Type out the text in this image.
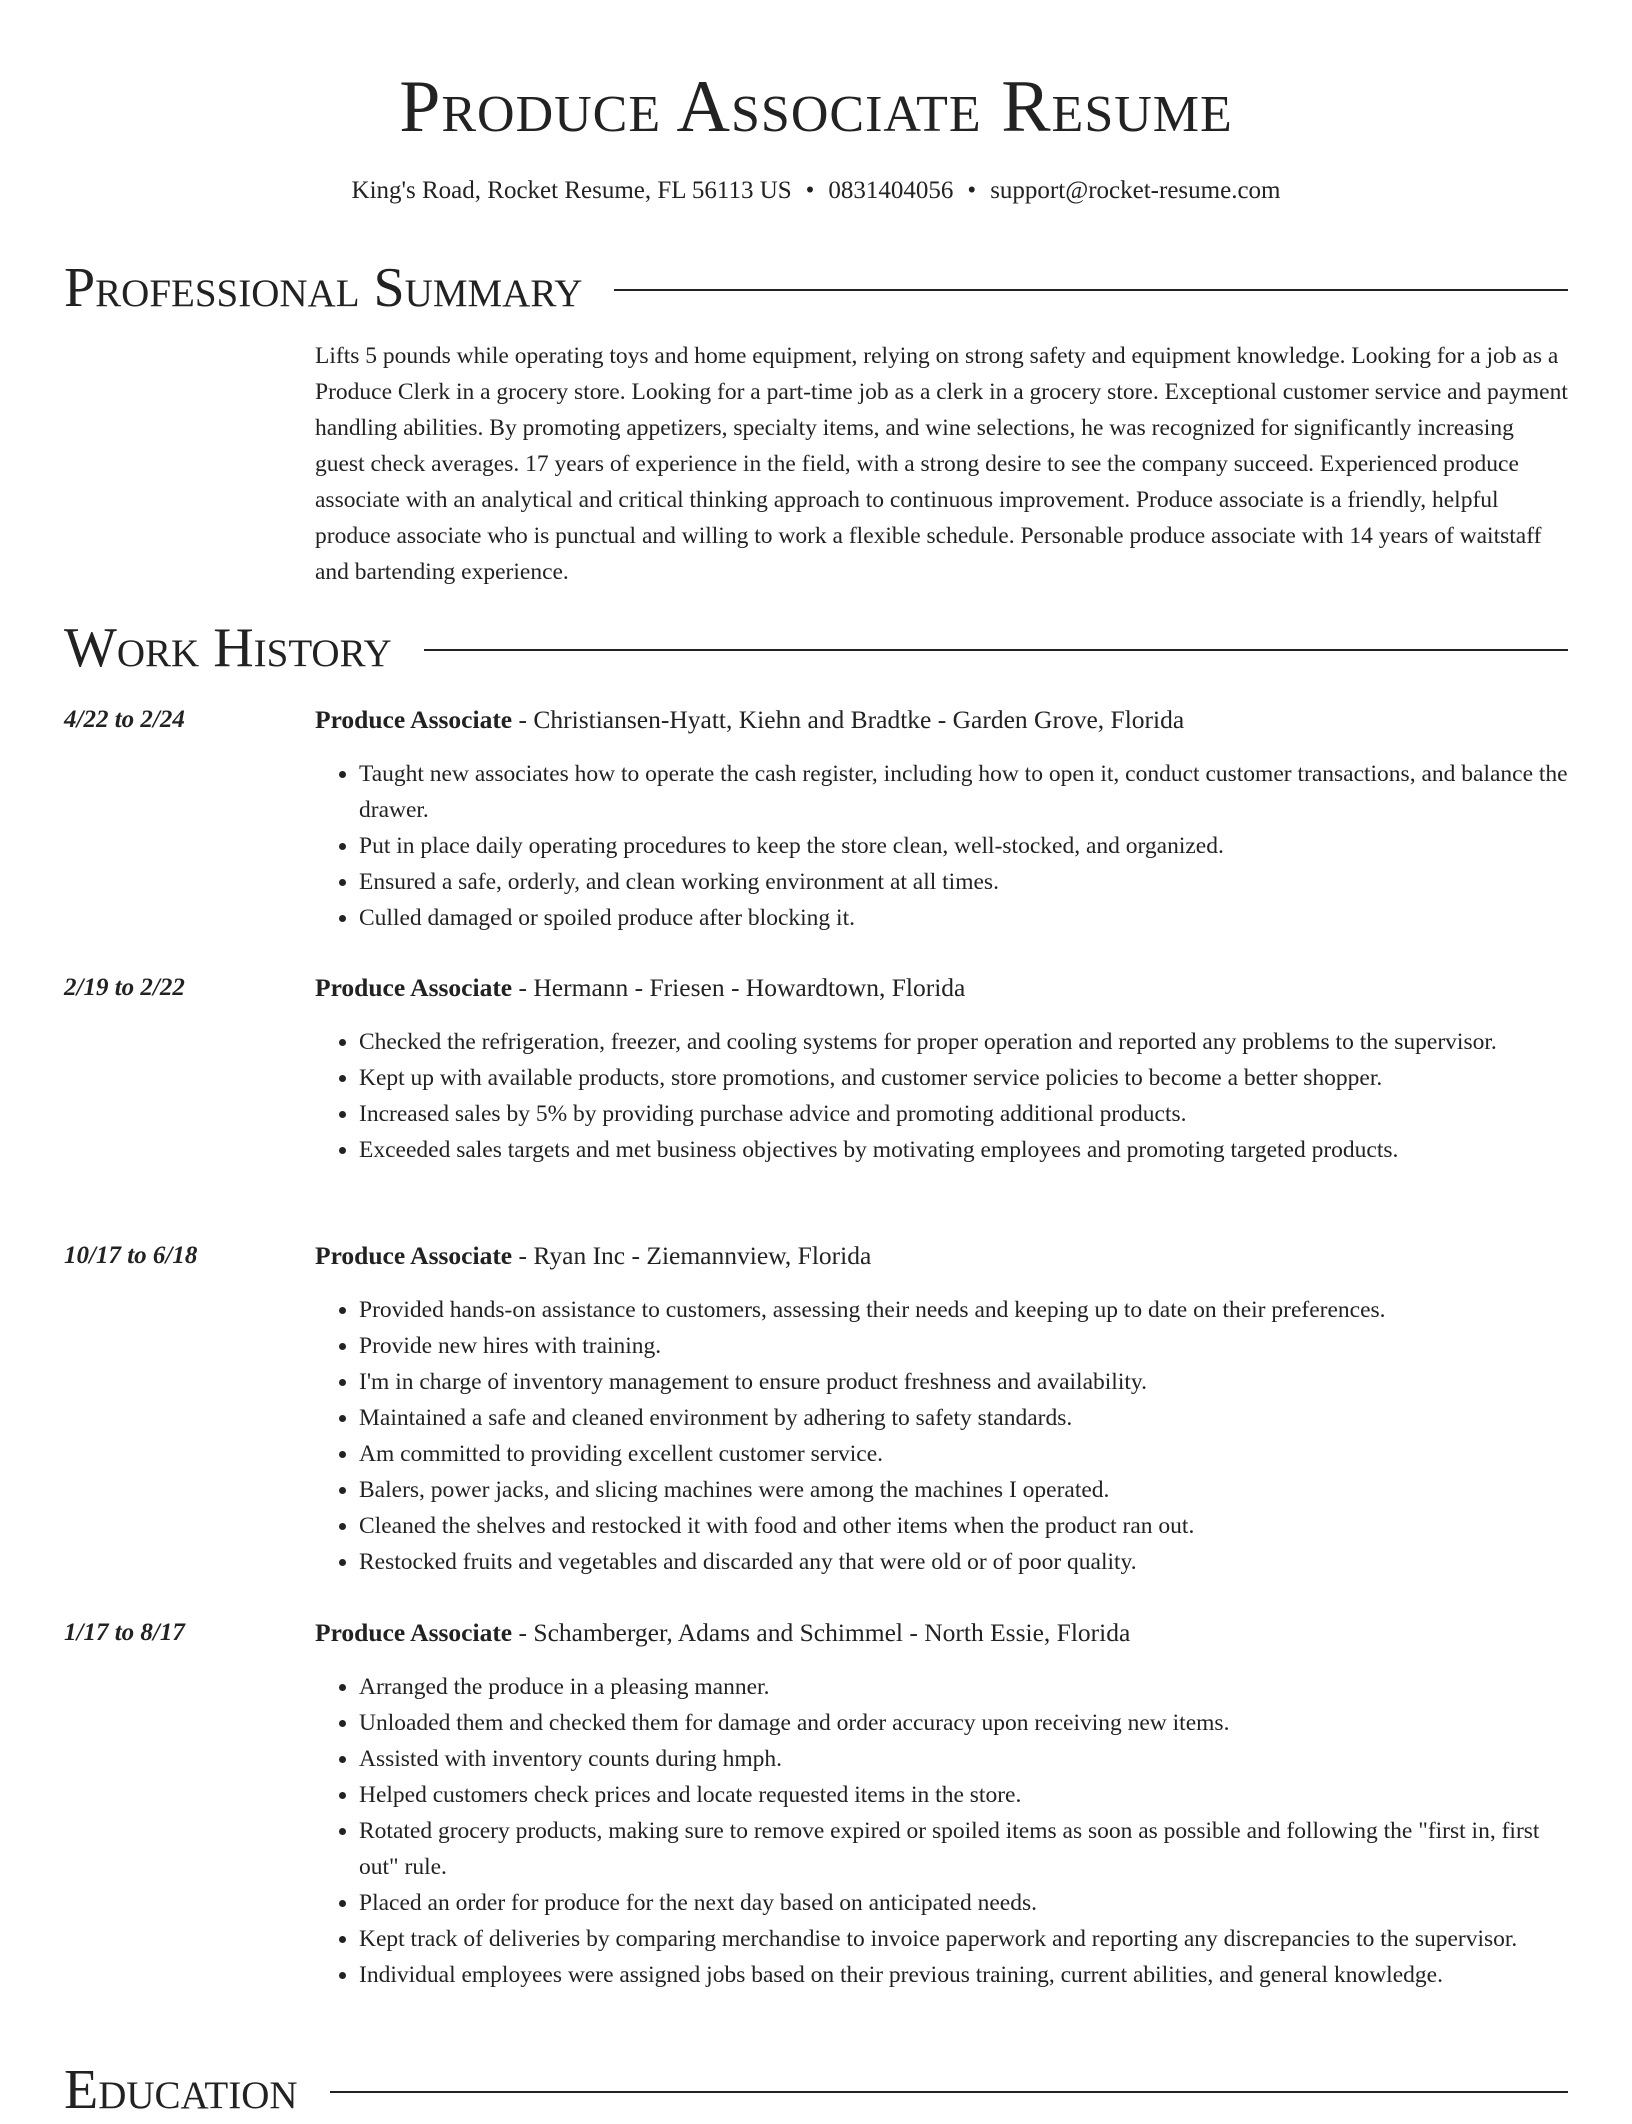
Produce Associate Resume
King's Road, Rocket Resume, FL 56113 US • 0831404056 • support@rocket-resume.com
Professional Summary

Lifts 5 pounds while operating toys and home equipment, relying on strong safety and equipment knowledge. Looking for a job as a Produce Clerk in a grocery store. Looking for a part-time job as a clerk in a grocery store. Exceptional customer service and payment handling abilities. By promoting appetizers, specialty items, and wine selections, he was recognized for significantly increasing guest check averages. 17 years of experience in the field, with a strong desire to see the company succeed. Experienced produce associate with an analytical and critical thinking approach to continuous improvement. Produce associate is a friendly, helpful produce associate who is punctual and willing to work a flexible schedule. Personable produce associate with 14 years of waitstaff and bartending experience.

Work History
4/22 to 2/24	Produce Associate - Christiansen-Hyatt, Kiehn and Bradtke - Garden Grove, Florida
• Taught new associates how to operate the cash register, including how to open it, conduct customer transactions, and balance the drawer.
• Put in place daily operating procedures to keep the store clean, well-stocked, and organized.
• Ensured a safe, orderly, and clean working environment at all times.
• Culled damaged or spoiled produce after blocking it.
2/19 to 2/22	Produce Associate - Hermann - Friesen - Howardtown, Florida
• Checked the refrigeration, freezer, and cooling systems for proper operation and reported any problems to the supervisor.
• Kept up with available products, store promotions, and customer service policies to become a better shopper.
• Increased sales by 5% by providing purchase advice and promoting additional products.
• Exceeded sales targets and met business objectives by motivating employees and promoting targeted products.
10/17 to 6/18	Produce Associate - Ryan Inc - Ziemannview, Florida
• Provided hands-on assistance to customers, assessing their needs and keeping up to date on their preferences.
• Provide new hires with training.
• I'm in charge of inventory management to ensure product freshness and availability.
• Maintained a safe and cleaned environment by adhering to safety standards.
• Am committed to providing excellent customer service.
• Balers, power jacks, and slicing machines were among the machines I operated.
• Cleaned the shelves and restocked it with food and other items when the product ran out.
• Restocked fruits and vegetables and discarded any that were old or of poor quality.
1/17 to 8/17	Produce Associate - Schamberger, Adams and Schimmel - North Essie, Florida
• Arranged the produce in a pleasing manner.
• Unloaded them and checked them for damage and order accuracy upon receiving new items.
• Assisted with inventory counts during hmph.
• Helped customers check prices and locate requested items in the store.
• Rotated grocery products, making sure to remove expired or spoiled items as soon as possible and following the "first in, first out" rule.
• Placed an order for produce for the next day based on anticipated needs.
• Kept track of deliveries by comparing merchandise to invoice paperwork and reporting any discrepancies to the supervisor.
• Individual employees were assigned jobs based on their previous training, current abilities, and general knowledge.
Education
